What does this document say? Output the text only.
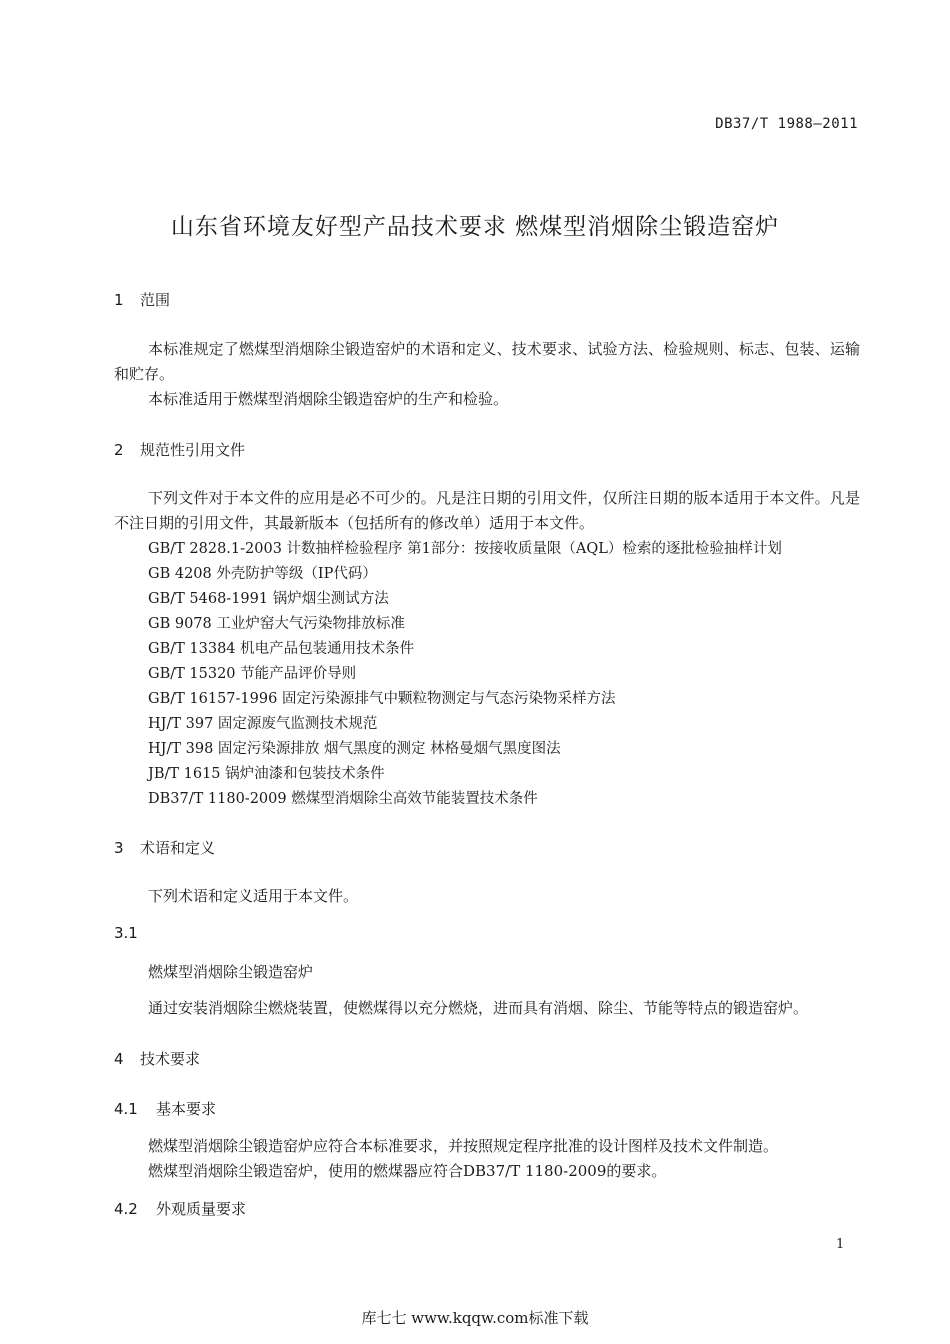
DB37/T 1988—2011
山东省环境友好型产品技术要求 燃煤型消烟除尘锻造窑炉
1 范围

本标准规定了燃煤型消烟除尘锻造窑炉的术语和定义、技术要求、试验方法、检验规则、标志、包装、运输和贮存。

本标准适用于燃煤型消烟除尘锻造窑炉的生产和检验。

2 规范性引用文件

下列文件对于本文件的应用是必不可少的。凡是注日期的引用文件，仅所注日期的版本适用于本文件。凡是不注日期的引用文件，其最新版本（包括所有的修改单）适用于本文件。

GB/T 2828.1-2003 计数抽样检验程序 第1部分：按接收质量限（AQL）检索的逐批检验抽样计划
GB 4208 外壳防护等级（IP代码）
GB/T 5468-1991 锅炉烟尘测试方法
GB 9078 工业炉窑大气污染物排放标准
GB/T 13384 机电产品包装通用技术条件
GB/T 15320 节能产品评价导则
GB/T 16157-1996 固定污染源排气中颗粒物测定与气态污染物采样方法
HJ/T 397 固定源废气监测技术规范
HJ/T 398 固定污染源排放 烟气黑度的测定 林格曼烟气黑度图法
JB/T 1615 锅炉油漆和包装技术条件
DB37/T 1180-2009 燃煤型消烟除尘高效节能装置技术条件
3 术语和定义

下列术语和定义适用于本文件。

3.1
燃煤型消烟除尘锻造窑炉

通过安装消烟除尘燃烧装置，使燃煤得以充分燃烧，进而具有消烟、除尘、节能等特点的锻造窑炉。

4 技术要求
4.1 基本要求

燃煤型消烟除尘锻造窑炉应符合本标准要求，并按照规定程序批准的设计图样及技术文件制造。

燃煤型消烟除尘锻造窑炉，使用的燃煤器应符合DB37/T 1180-2009的要求。

4.2 外观质量要求
1
库七七 www.kqqw.com标准下载
